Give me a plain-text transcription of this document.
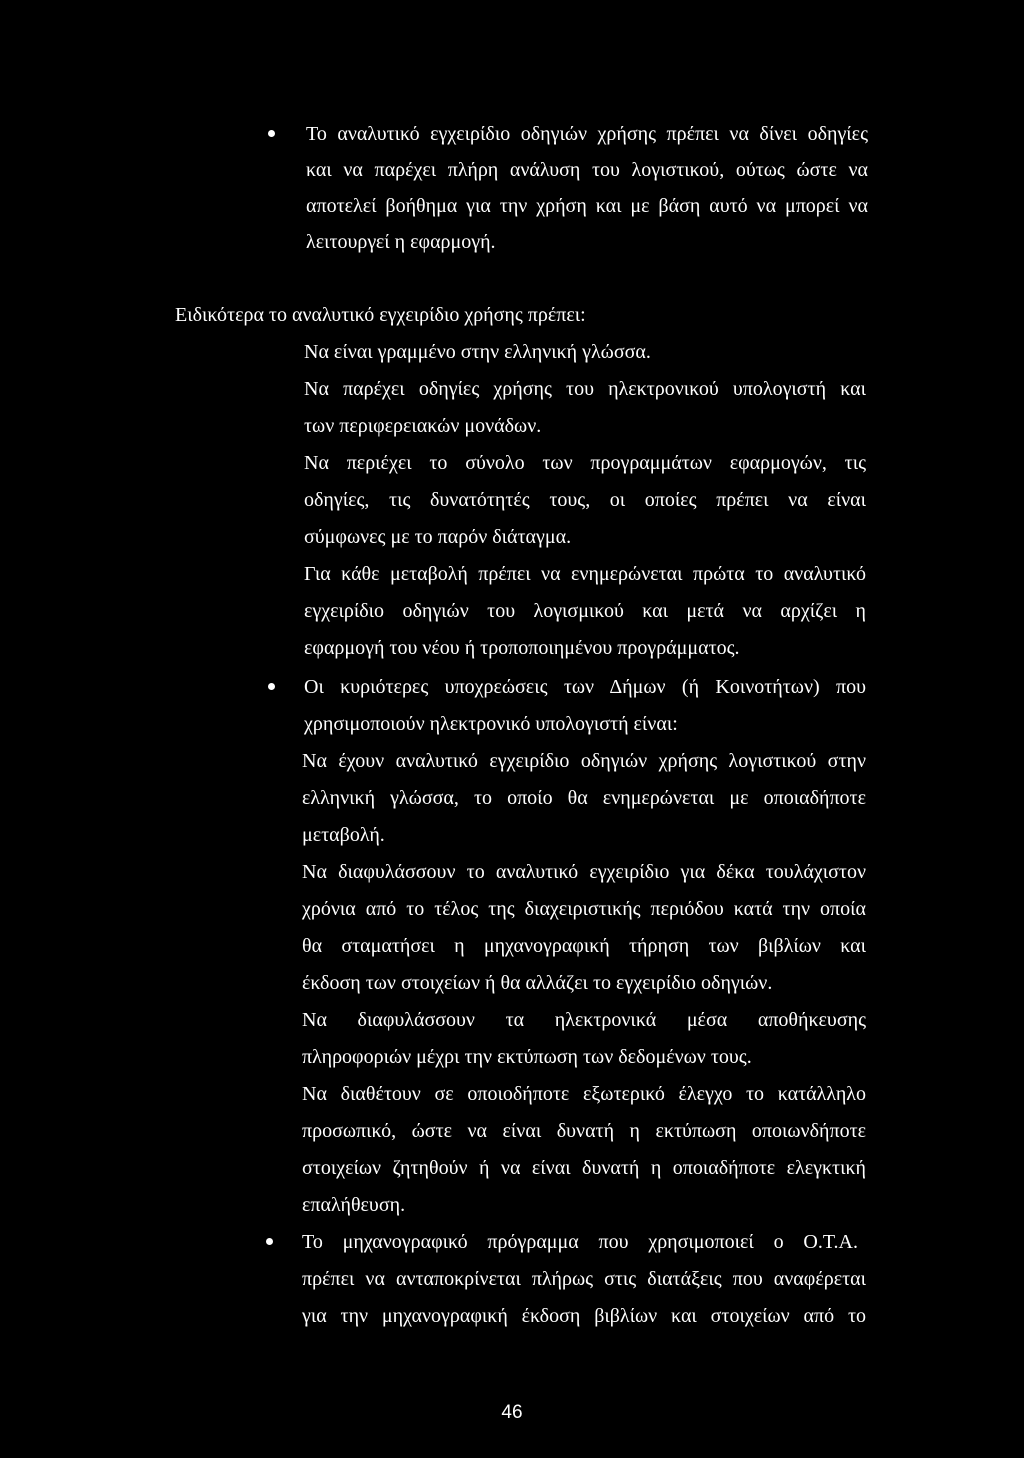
Το αναλυτικό εγχειρίδιο οδηγιών χρήσης πρέπει να δίνει οδηγίες
και να παρέχει πλήρη ανάλυση του λογιστικού, ούτως ώστε να
αποτελεί βοήθημα για την χρήση και με βάση αυτό να μπορεί να
λειτουργεί η εφαρμογή.
Ειδικότερα το αναλυτικό εγχειρίδιο χρήσης πρέπει:
Να είναι γραμμένο στην ελληνική γλώσσα.
Να παρέχει οδηγίες χρήσης του ηλεκτρονικού υπολογιστή και
των περιφερειακών μονάδων.
Να περιέχει το σύνολο των προγραμμάτων εφαρμογών, τις
οδηγίες, τις δυνατότητές τους, οι οποίες πρέπει να είναι
σύμφωνες με το παρόν διάταγμα.
Για κάθε μεταβολή πρέπει να ενημερώνεται πρώτα το αναλυτικό
εγχειρίδιο οδηγιών του λογισμικού και μετά να αρχίζει η
εφαρμογή του νέου ή τροποποιημένου προγράμματος.
Οι κυριότερες υποχρεώσεις των Δήμων (ή Κοινοτήτων) που
χρησιμοποιούν ηλεκτρονικό υπολογιστή είναι:
Να έχουν αναλυτικό εγχειρίδιο οδηγιών χρήσης λογιστικού στην
ελληνική γλώσσα, το οποίο θα ενημερώνεται με οποιαδήποτε
μεταβολή.
Να διαφυλάσσουν το αναλυτικό εγχειρίδιο για δέκα τουλάχιστον
χρόνια από το τέλος της διαχειριστικής περιόδου κατά την οποία
θα σταματήσει η μηχανογραφική τήρηση των βιβλίων και
έκδοση των στοιχείων ή θα αλλάζει το εγχειρίδιο οδηγιών.
Να διαφυλάσσουν τα ηλεκτρονικά μέσα αποθήκευσης
πληροφοριών μέχρι την εκτύπωση των δεδομένων τους.
Να διαθέτουν σε οποιοδήποτε εξωτερικό έλεγχο το κατάλληλο
προσωπικό, ώστε να είναι δυνατή η εκτύπωση οποιωνδήποτε
στοιχείων ζητηθούν ή να είναι δυνατή η οποιαδήποτε ελεγκτική
επαλήθευση.
Το μηχανογραφικό πρόγραμμα που χρησιμοποιεί ο Ο.Τ.Α.
πρέπει να ανταποκρίνεται πλήρως στις διατάξεις που αναφέρεται
για την μηχανογραφική έκδοση βιβλίων και στοιχείων από το
46
